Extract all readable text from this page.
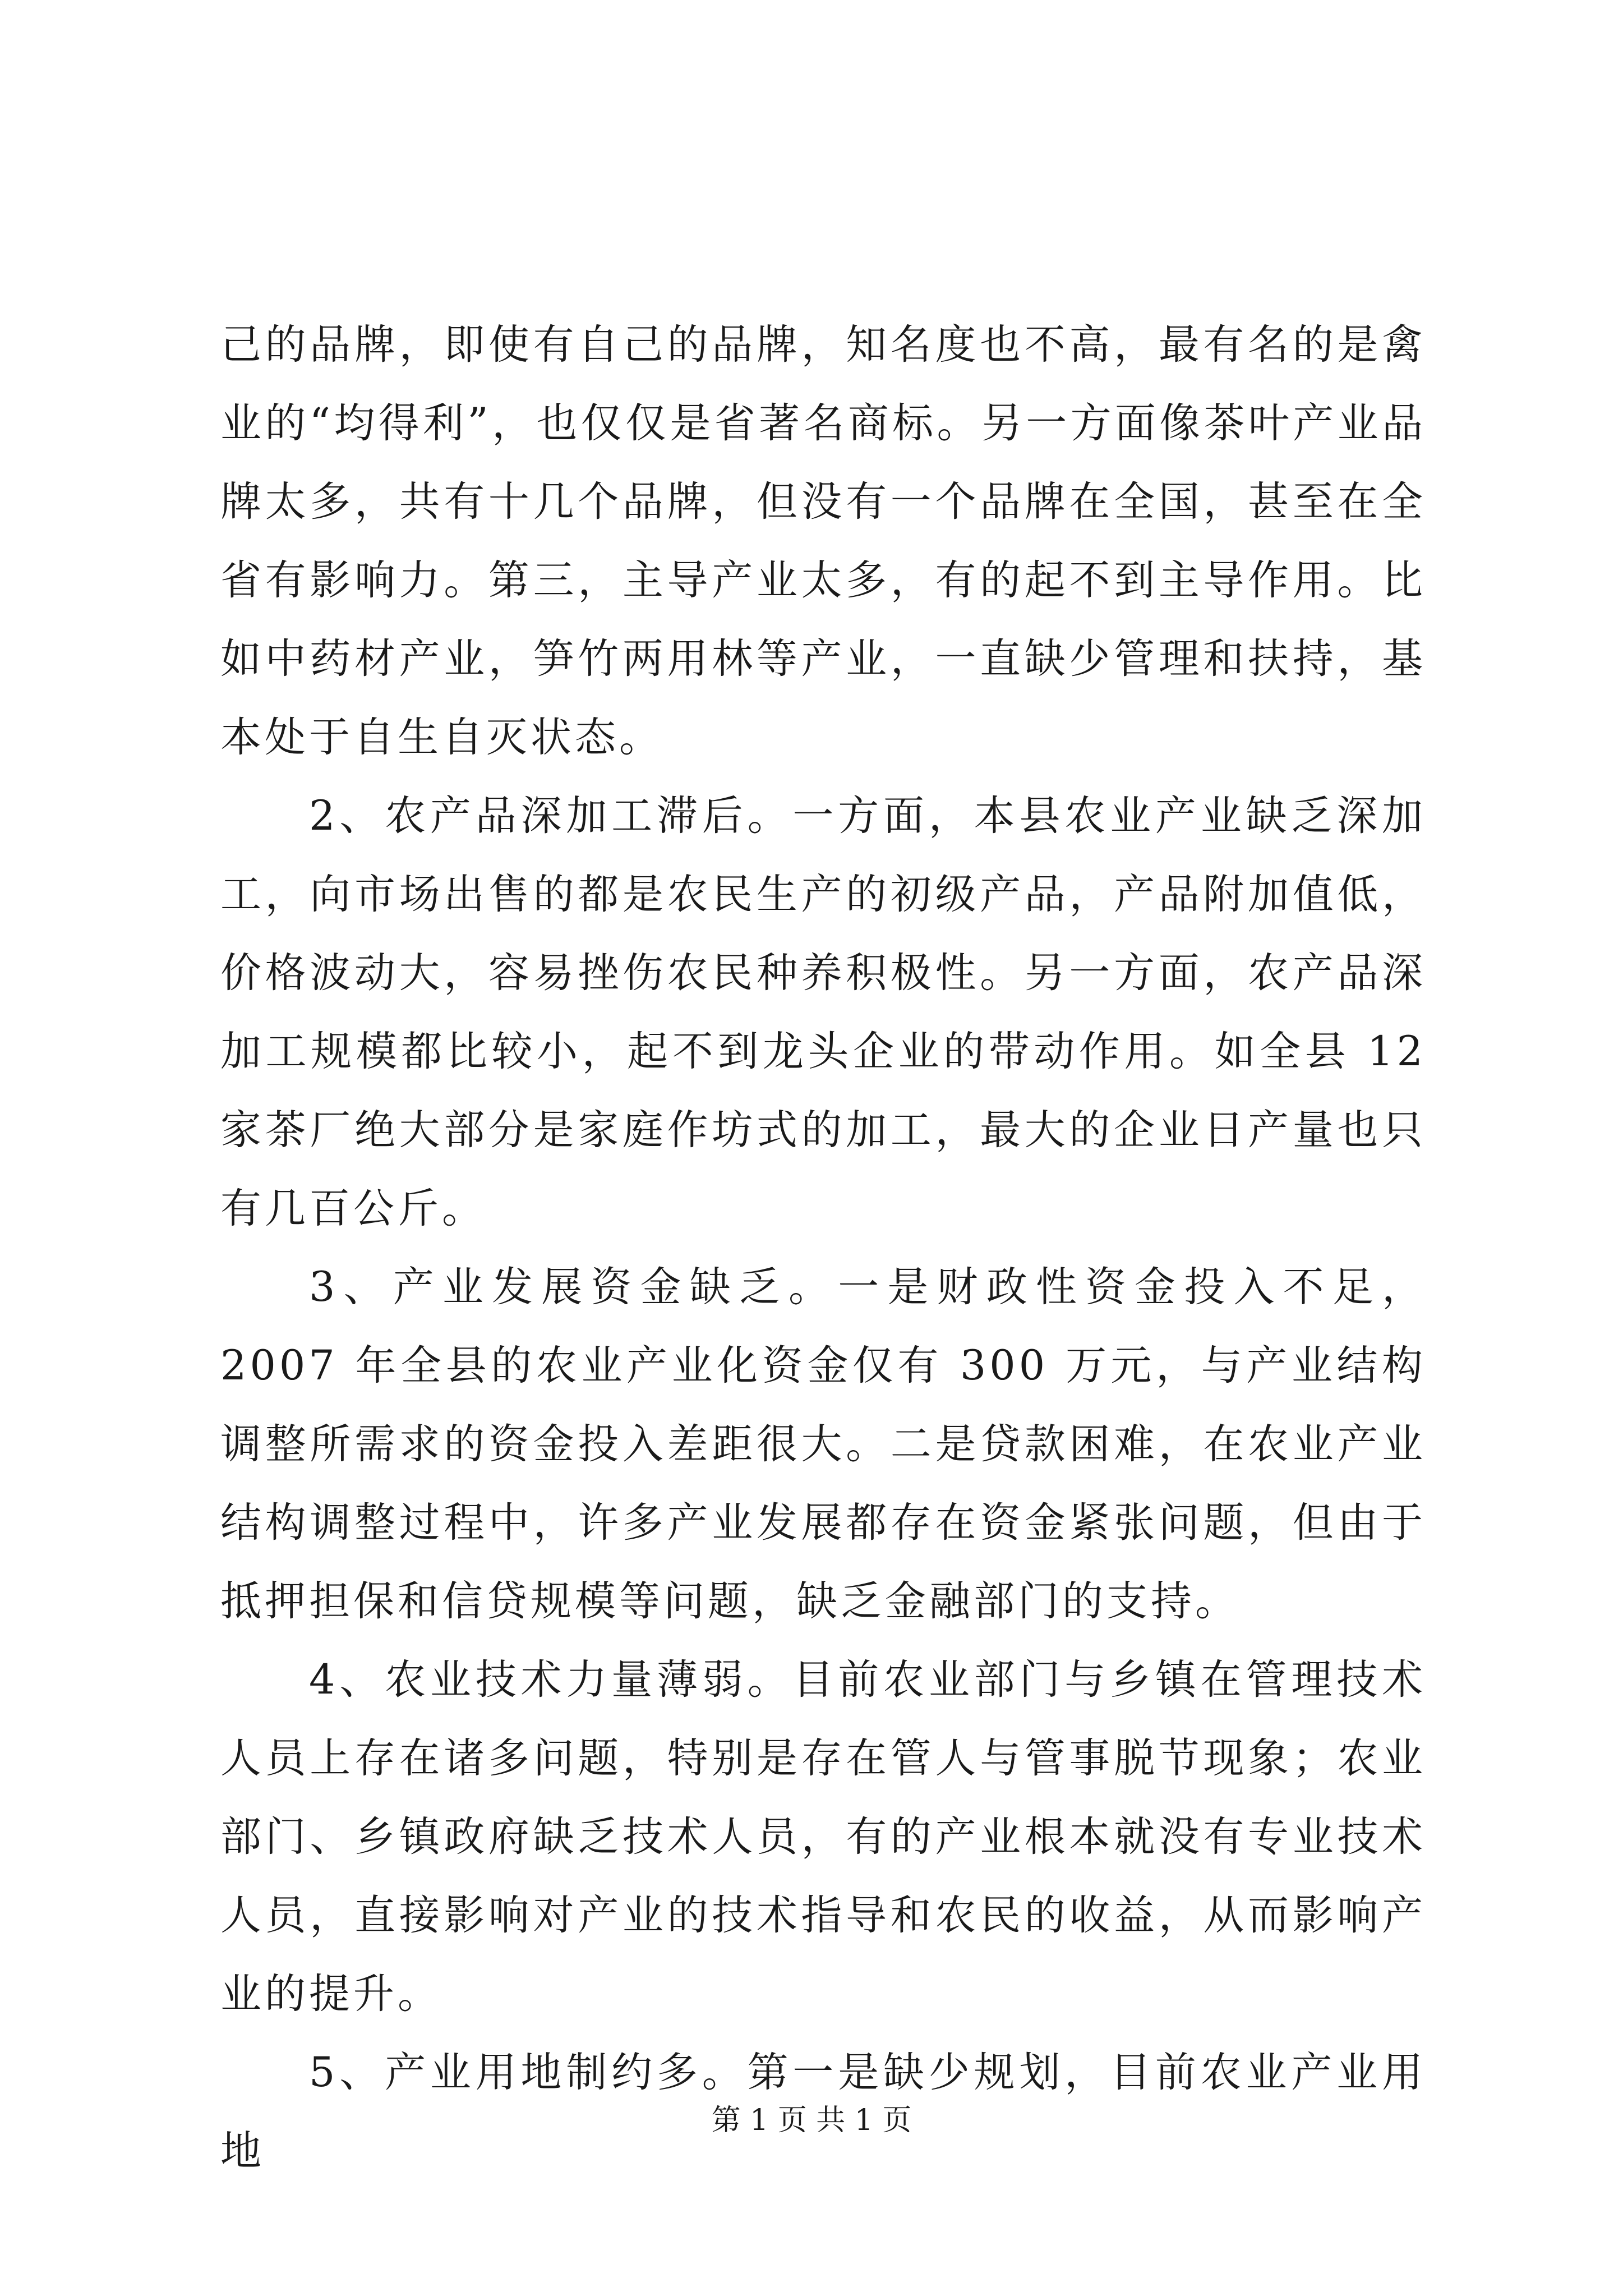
己的品牌，即使有自己的品牌，知名度也不高，最有名的是禽业的“均得利”，也仅仅是省著名商标。另一方面像茶叶产业品牌太多，共有十几个品牌，但没有一个品牌在全国，甚至在全省有影响力。第三，主导产业太多，有的起不到主导作用。比如中药材产业，笋竹两用林等产业，一直缺少管理和扶持，基本处于自生自灭状态。

2、农产品深加工滞后。一方面，本县农业产业缺乏深加工，向市场出售的都是农民生产的初级产品，产品附加值低，价格波动大，容易挫伤农民种养积极性。另一方面，农产品深加工规模都比较小，起不到龙头企业的带动作用。如全县 12 家茶厂绝大部分是家庭作坊式的加工，最大的企业日产量也只有几百公斤。

3、产业发展资金缺乏。一是财政性资金投入不足，2007 年全县的农业产业化资金仅有 300 万元，与产业结构调整所需求的资金投入差距很大。二是贷款困难，在农业产业结构调整过程中，许多产业发展都存在资金紧张问题，但由于抵押担保和信贷规模等问题，缺乏金融部门的支持。

4、农业技术力量薄弱。目前农业部门与乡镇在管理技术人员上存在诸多问题，特别是存在管人与管事脱节现象；农业部门、乡镇政府缺乏技术人员，有的产业根本就没有专业技术人员，直接影响对产业的技术指导和农民的收益，从而影响产业的提升。

5、产业用地制约多。第一是缺少规划，目前农业产业用地

第 1 页 共 1 页
